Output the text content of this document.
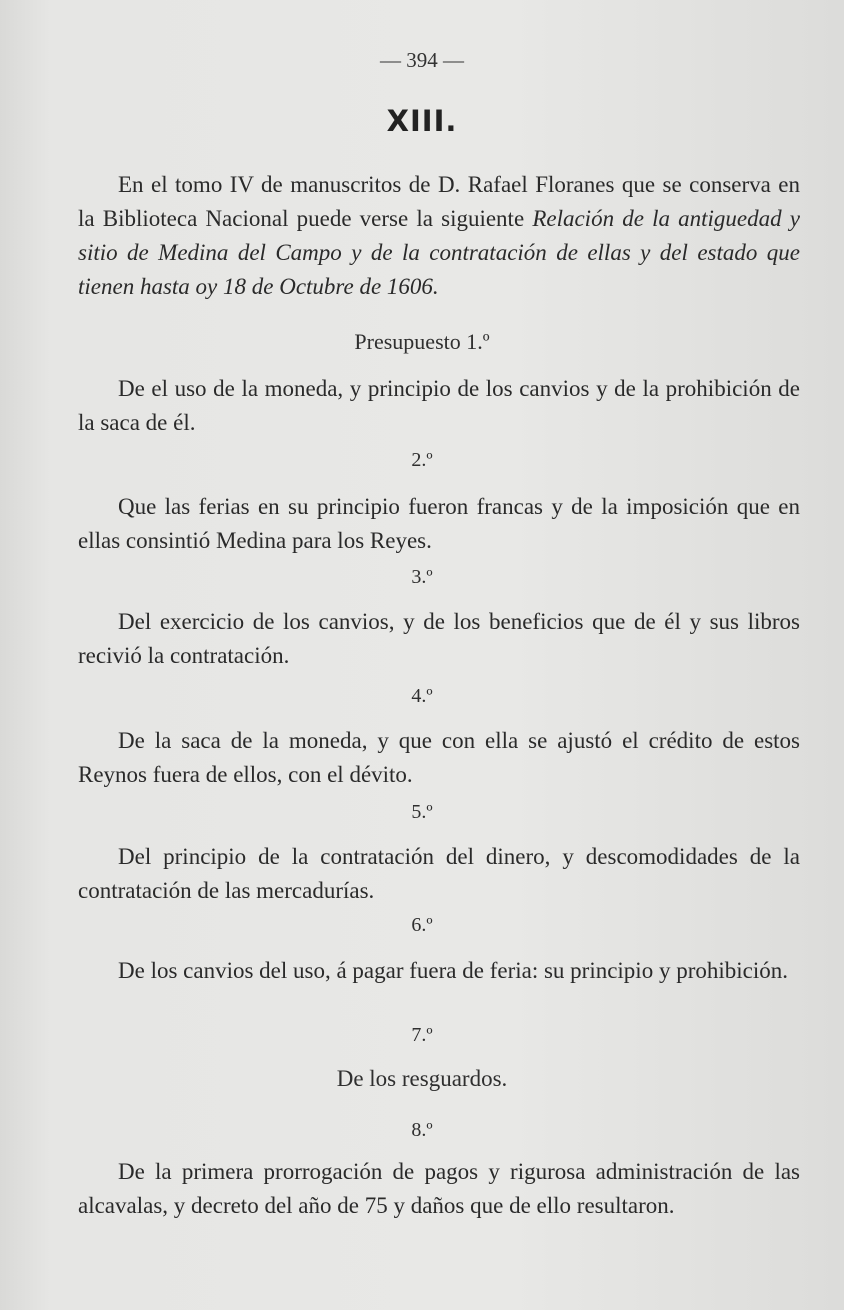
— 394 —
XIII.
En el tomo IV de manuscritos de D. Rafael Floranes que se conserva en la Biblioteca Nacional puede verse la siguiente Relación de la antiguedad y sitio de Medina del Campo y de la contratación de ellas y del estado que tienen hasta oy 18 de Octubre de 1606.
Presupuesto 1.º
De el uso de la moneda, y principio de los canvios y de la prohibición de la saca de él.
2.º
Que las ferias en su principio fueron francas y de la imposición que en ellas consintió Medina para los Reyes.
3.º
Del exercicio de los canvios, y de los beneficios que de él y sus libros recivió la contratación.
4.º
De la saca de la moneda, y que con ella se ajustó el crédito de estos Reynos fuera de ellos, con el dévito.
5.º
Del principio de la contratación del dinero, y descomodidades de la contratación de las mercadurías.
6.º
De los canvios del uso, á pagar fuera de feria: su principio y prohibición.
7.º
De los resguardos.
8.º
De la primera prorrogación de pagos y rigurosa administración de las alcavalas, y decreto del año de 75 y daños que de ello resultaron.
